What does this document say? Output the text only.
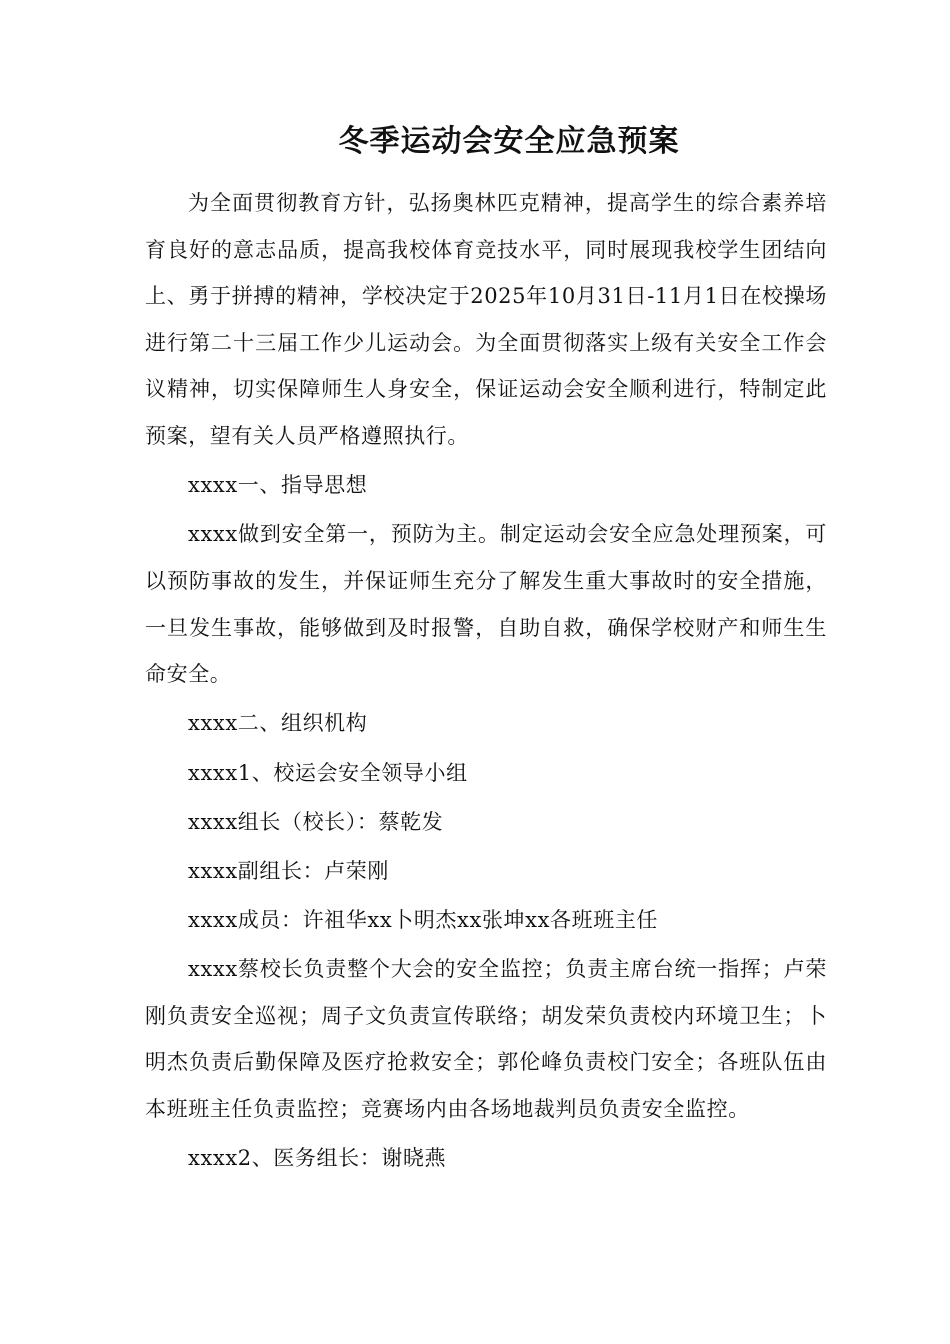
冬季运动会安全应急预案

为全面贯彻教育方针，弘扬奥林匹克精神，提高学生的综合素养培育良好的意志品质，提高我校体育竞技水平，同时展现我校学生团结向上、勇于拼搏的精神，学校决定于2025年10月31日-11月1日在校操场进行第二十三届工作少儿运动会。为全面贯彻落实上级有关安全工作会议精神，切实保障师生人身安全，保证运动会安全顺利进行，特制定此预案，望有关人员严格遵照执行。

xxxx一、指导思想

xxxx做到安全第一，预防为主。制定运动会安全应急处理预案，可以预防事故的发生，并保证师生充分了解发生重大事故时的安全措施，一旦发生事故，能够做到及时报警，自助自救，确保学校财产和师生生命安全。

xxxx二、组织机构

xxxx1、校运会安全领导小组

xxxx组长（校长）：蔡乾发

xxxx副组长：卢荣刚

xxxx成员：许祖华xx卜明杰xx张坤xx各班班主任

xxxx蔡校长负责整个大会的安全监控；负责主席台统一指挥；卢荣刚负责安全巡视；周子文负责宣传联络；胡发荣负责校内环境卫生；卜明杰负责后勤保障及医疗抢救安全；郭伦峰负责校门安全；各班队伍由本班班主任负责监控；竞赛场内由各场地裁判员负责安全监控。

xxxx2、医务组长：谢晓燕
